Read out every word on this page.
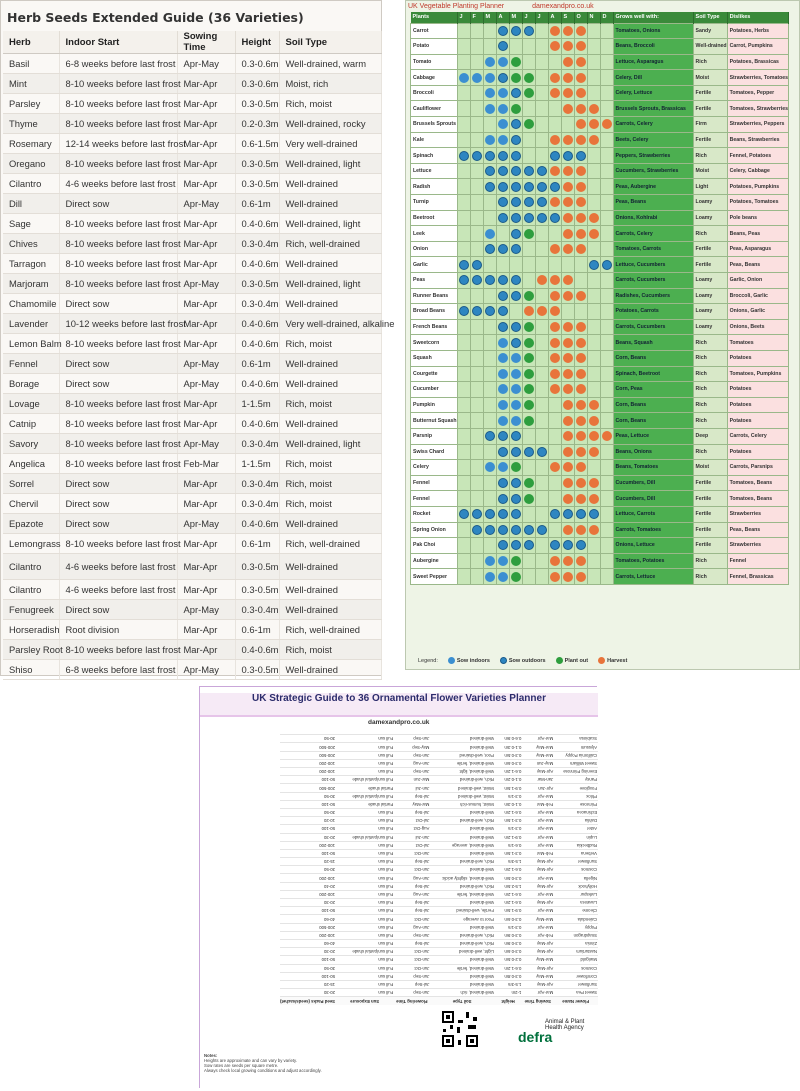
Herb Seeds Extended Guide (36 Varieties)
Herb	Indoor Start	Sowing Time	Height	Soil Type
Basil	6-8 weeks before last frost	Apr-May	0.3-0.6m	Well-drained, warm
Mint	8-10 weeks before last frost	Mar-Apr	0.3-0.6m	Moist, rich
Parsley	8-10 weeks before last frost	Mar-Apr	0.3-0.5m	Rich, moist
Thyme	8-10 weeks before last frost	Mar-Apr	0.2-0.3m	Well-drained, rocky
Rosemary	12-14 weeks before last frost	Mar-Apr	0.6-1.5m	Very well-drained
Oregano	8-10 weeks before last frost	Mar-Apr	0.3-0.5m	Well-drained, light
Cilantro	4-6 weeks before last frost	Mar-Apr	0.3-0.5m	Well-drained
Dill	Direct sow	Apr-May	0.6-1m	Well-drained
Sage	8-10 weeks before last frost	Mar-Apr	0.4-0.6m	Well-drained, light
Chives	8-10 weeks before last frost	Mar-Apr	0.3-0.4m	Rich, well-drained
Tarragon	8-10 weeks before last frost	Mar-Apr	0.4-0.6m	Well-drained
Marjoram	8-10 weeks before last frost	Apr-May	0.3-0.5m	Well-drained, light
Chamomile	Direct sow	Mar-Apr	0.3-0.4m	Well-drained
Lavender	10-12 weeks before last frost	Mar-Apr	0.4-0.6m	Very well-drained, alkaline
Lemon Balm	8-10 weeks before last frost	Mar-Apr	0.4-0.6m	Rich, moist
Fennel	Direct sow	Apr-May	0.6-1m	Well-drained
Borage	Direct sow	Apr-May	0.4-0.6m	Well-drained
Lovage	8-10 weeks before last frost	Mar-Apr	1-1.5m	Rich, moist
Catnip	8-10 weeks before last frost	Mar-Apr	0.4-0.6m	Well-drained
Savory	8-10 weeks before last frost	Apr-May	0.3-0.4m	Well-drained, light
Angelica	8-10 weeks before last frost	Feb-Mar	1-1.5m	Rich, moist
Sorrel	Direct sow	Mar-Apr	0.3-0.4m	Rich, moist
Chervil	Direct sow	Mar-Apr	0.3-0.4m	Rich, moist
Epazote	Direct sow	Apr-May	0.4-0.6m	Well-drained
Lemongrass	8-10 weeks before last frost	Mar-Apr	0.6-1m	Rich, well-drained
Cilantro	4-6 weeks before last frost	Mar-Apr	0.3-0.5m	Well-drained
Cilantro	4-6 weeks before last frost	Mar-Apr	0.3-0.5m	Well-drained
Fenugreek	Direct sow	Apr-May	0.3-0.4m	Well-drained
Horseradish	Root division	Mar-Apr	0.6-1m	Rich, well-drained
Parsley Root	8-10 weeks before last frost	Mar-Apr	0.4-0.6m	Rich, moist
Shiso	6-8 weeks before last frost	Apr-May	0.3-0.5m	Well-drained
UK Vegetable Planting Planner	damexandpro.co.uk
Plants	J	F	M	A	M	J	J	A	S	O	N	D	Grows well with:	Soil Type	Dislikes
Carrot													Tomatoes, Onions	Sandy	Potatoes, Herbs
Potato													Beans, Broccoli	Well-drained	Carrot, Pumpkins
Tomato													Lettuce, Asparagus	Rich	Potatoes, Brassicas
Cabbage													Celery, Dill	Moist	Strawberries, Tomatoes
Broccoli													Celery, Lettuce	Fertile	Tomatoes, Pepper
Cauliflower													Brussels Sprouts, Brassicas	Fertile	Tomatoes, Strawberries
Brussels Sprouts													Carrots, Celery	Firm	Strawberries, Peppers
Kale													Beets, Celery	Fertile	Beans, Strawberries
Spinach													Peppers, Strawberries	Rich	Fennel, Potatoes
Lettuce													Cucumbers, Strawberries	Moist	Celery, Cabbage
Radish													Peas, Aubergine	Light	Potatoes, Pumpkins
Turnip													Peas, Beans	Loamy	Potatoes, Tomatoes
Beetroot													Onions, Kohlrabi	Loamy	Pole beans
Leek													Carrots, Celery	Rich	Beans, Peas
Onion													Tomatoes, Carrots	Fertile	Peas, Asparagus
Garlic													Lettuce, Cucumbers	Fertile	Peas, Beans
Peas													Carrots, Cucumbers	Loamy	Garlic, Onion
Runner Beans													Radishes, Cucumbers	Loamy	Broccoli, Garlic
Broad Beans													Potatoes, Carrots	Loamy	Onions, Garlic
French Beans													Carrots, Cucumbers	Loamy	Onions, Beets
Sweetcorn													Beans, Squash	Rich	Tomatoes
Squash													Corn, Beans	Rich	Potatoes
Courgette													Spinach, Beetroot	Rich	Tomatoes, Pumpkins
Cucumber													Corn, Peas	Rich	Potatoes
Pumpkin													Corn, Beans	Rich	Potatoes
Butternut Squash													Corn, Beans	Rich	Potatoes
Parsnip													Peas, Lettuce	Deep	Carrots, Celery
Swiss Chard													Beans, Onions	Rich	Potatoes
Celery													Beans, Tomatoes	Moist	Carrots, Parsnips
Fennel													Cucumbers, Dill	Fertile	Tomatoes, Beans
Fennel													Cucumbers, Dill	Fertile	Tomatoes, Beans
Rocket													Lettuce, Carrots	Fertile	Strawberries
Spring Onion													Carrots, Tomatoes	Fertile	Peas, Beans
Pak Choi													Onions, Lettuce	Fertile	Strawberries
Aubergine													Tomatoes, Potatoes	Rich	Fennel
Sweet Pepper													Carrots, Lettuce	Rich	Fennel, Brassicas
Legend:	Sow indoors	Sow outdoors	Plant out	Harvest
UK Strategic Guide to 36 Ornamental Flower Varieties Planner
damexandpro.co.uk
Flower Name	Sowing Time	Height	Soil Type	Flowering Time	Sun Exposure	Seed Packs (seeds/sachet)
Sweet Pea	Mar-Apr	1-2m	Well-drained, rich	Jun-Sep	Full sun	20-30
Sunflower	Apr-May	1.5-3m	Well-drained	Jul-Sep	Full sun	15-20
Cornflower	Mar-May	0.3-0.8m	Well-drained	Jun-Sep	Full sun	50-100
Cosmos	Apr-May	0.6-1.2m	Well-drained, fertile	Jun-Oct	Full sun	30-50
Marigold	Mar-May	0.2-0.5m	Well-drained	Jun-Oct	Full sun	50-100
Nasturtium	Apr-May	0.3-0.6m	Light, well-drained	Jun-Oct	Full sun/partial shade	20-30
Zinnia	Apr-May	0.3-0.9m	Rich, well-drained	Jul-Sep	Full sun	40-60
Snapdragon	Feb-Apr	0.3-0.9m	Rich, well-drained	Jun-Sep	Full sun	100-200
Poppy	Mar-Apr	0.3-1m	Well-drained	Jun-Aug	Full sun	200-500
Calendula	Mar-May	0.3-0.6m	Poor to average	Jun-Oct	Full sun	40-60
Cleome	Mar-Apr	0.9-1.5m	Fertile, well-drained	Jul-Sep	Full sun	50-100
Lavatera	Apr-May	0.6-1.2m	Well-drained	Jul-Sep	Full sun	20-30
Larkspur	Mar-Apr	0.6-1.2m	Well-drained, fertile	Jun-Aug	Full sun	100-200
Hollyhock	Apr-May	1.5-2.5m	Rich, well-drained	Jul-Sep	Full sun	20-40
Nigella	Mar-Apr	0.3-0.5m	Well-drained, slightly acidic	Jun-Aug	Full sun	100-200
Cosmos	Apr-May	0.6-1.2m	Well-drained	Jun-Oct	Full sun	30-50
Sunflower	Apr-May	1.5-3m	Rich, well-drained	Jul-Sep	Full sun	15-20
Verbena	Feb-Mar	0.3-1.5m	Well-drained	Jun-Oct	Full sun	50-100
Rudbeckia	Mar-Apr	0.6-1m	Well-drained, average	Jul-Oct	Full sun	100-200
Lupin	Mar-Apr	0.9-1.2m	Well-drained	Jun-Jul	Full sun/partial shade	20-30
Aster	Mar-Apr	0.3-1m	Well-drained	Aug-Oct	Full sun	50-100
Dahlia	Mar-Apr	0.3-1.5m	Rich, well-drained	Jul-Oct	Full sun	10-20
Echinacea	Mar-Apr	0.6-1.2m	Well-drained	Jul-Sep	Full sun	30-50
Primrose	Feb-Mar	0.1-0.3m	Moist, humus-rich	Mar-May	Partial shade	50-100
Phlox	Mar-Apr	0.3-1m	Moist, well-drained	Jul-Sep	Full sun/partial shade	30-50
Foxglove	Apr-Jun	0.9-1.5m	Moist, well-drained	Jun-Jul	Partial shade	200-500
Pansy	Jan-Mar	0.1-0.2m	Rich, well-drained	Mar-Jun	Full sun/partial shade	50-100
Evening Primrose	Apr-May	0.6-1.2m	Well-drained, light	Jun-Sep	Full sun	100-200
Sweet William	May-Jun	0.3-0.6m	Well-drained, fertile	Jun-Aug	Full sun	100-200
California Poppy	Mar-May	0.3-0.5m	Poor, well-drained	Jun-Sep	Full sun	200-500
Alyssum	Mar-May	0.1-0.3m	Well-drained	May-Sep	Full sun	200-500
Scabiosa	Mar-Apr	0.6-0.9m	Well-drained	Jun-Sep	Full sun	30-50
Notes:
Heights are approximate and can vary by variety.
Sow rates are seeds per square metre.
Always check local growing conditions and adjust accordingly.
defra
Animal & Plant Health Agency
